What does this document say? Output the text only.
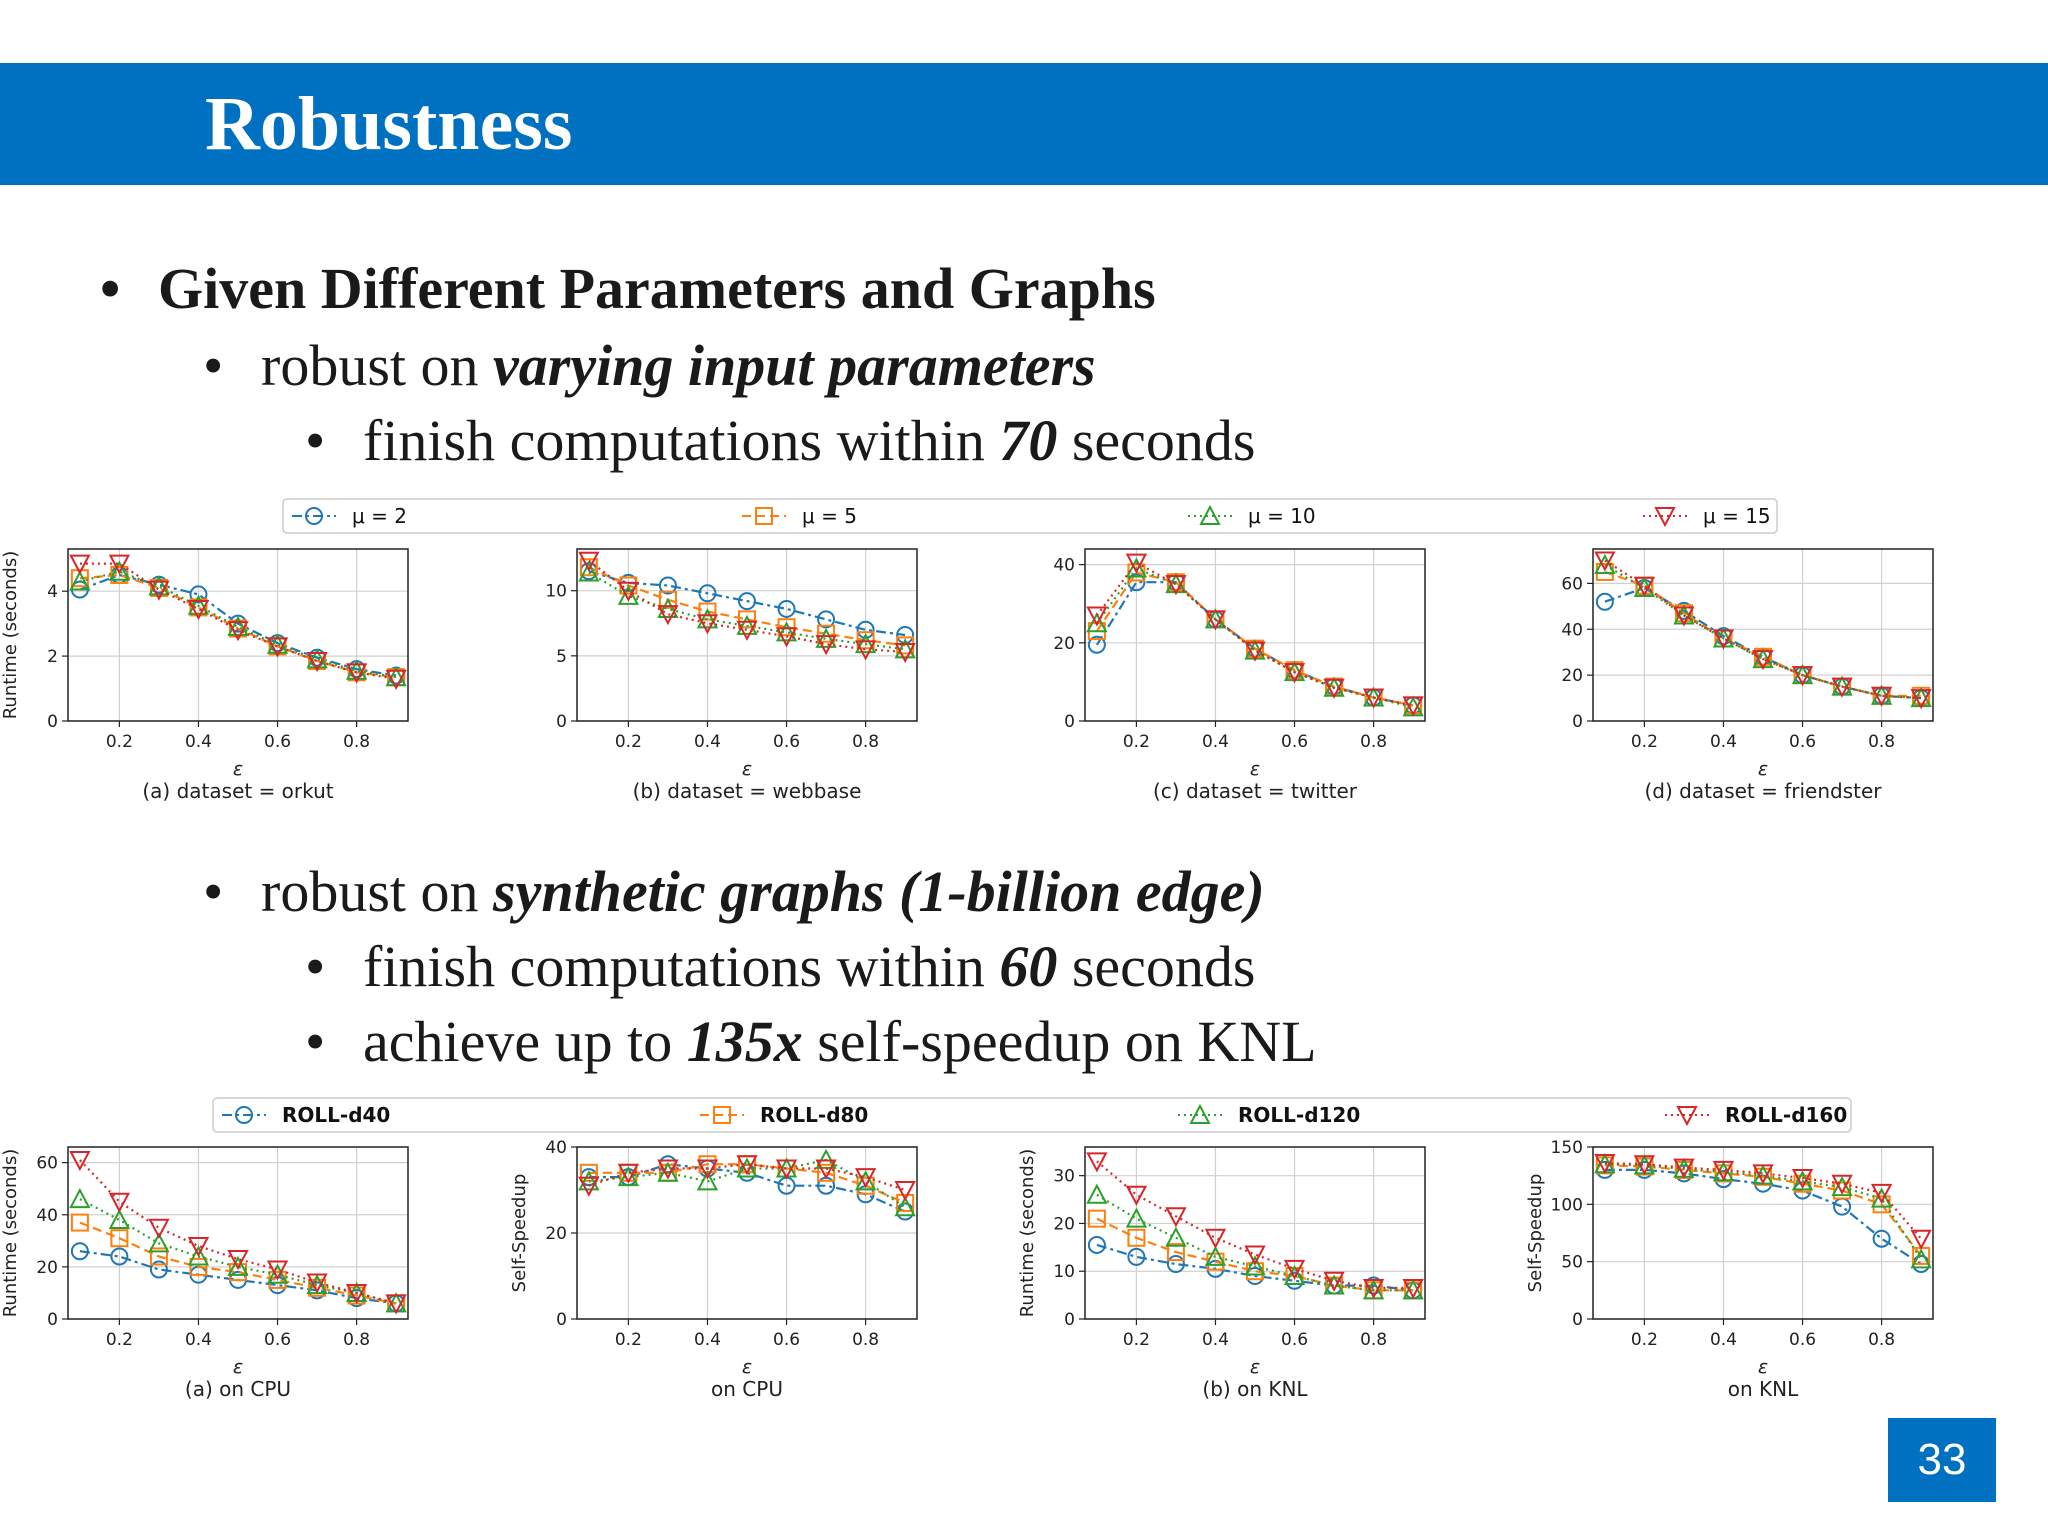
Robustness
• Given Different Parameters and Graphs
• robust on varying input parameters
• finish computations within 70 seconds
μ = 2	μ = 5	μ = 10	μ = 15
0.2	0.4	0.6	0.8
0
2
4
ε
(a) dataset = orkut
Runtime (seconds)
0.2	0.4	0.6	0.8
0
5
10
ε
(b) dataset = webbase
0.2	0.4	0.6	0.8
0
20
40
ε
(c) dataset = twitter
0.2	0.4	0.6	0.8
0
20
40
60
ε
(d) dataset = friendster
• robust on synthetic graphs (1-billion edge)
• finish computations within 60 seconds
• achieve up to 135x self-speedup on KNL
ROLL-d40	ROLL-d80	ROLL-d120	ROLL-d160
0.2	0.4	0.6	0.8
0
20
40
60
ε
(a) on CPU
Runtime (seconds)
0.2	0.4	0.6	0.8
0
20
40
ε
on CPU
Self-Speedup
0.2	0.4	0.6	0.8
0
10
20
30
ε
(b) on KNL
Runtime (seconds)
0.2	0.4	0.6	0.8
0
50
100
150
ε
on KNL
Self-Speedup
33
